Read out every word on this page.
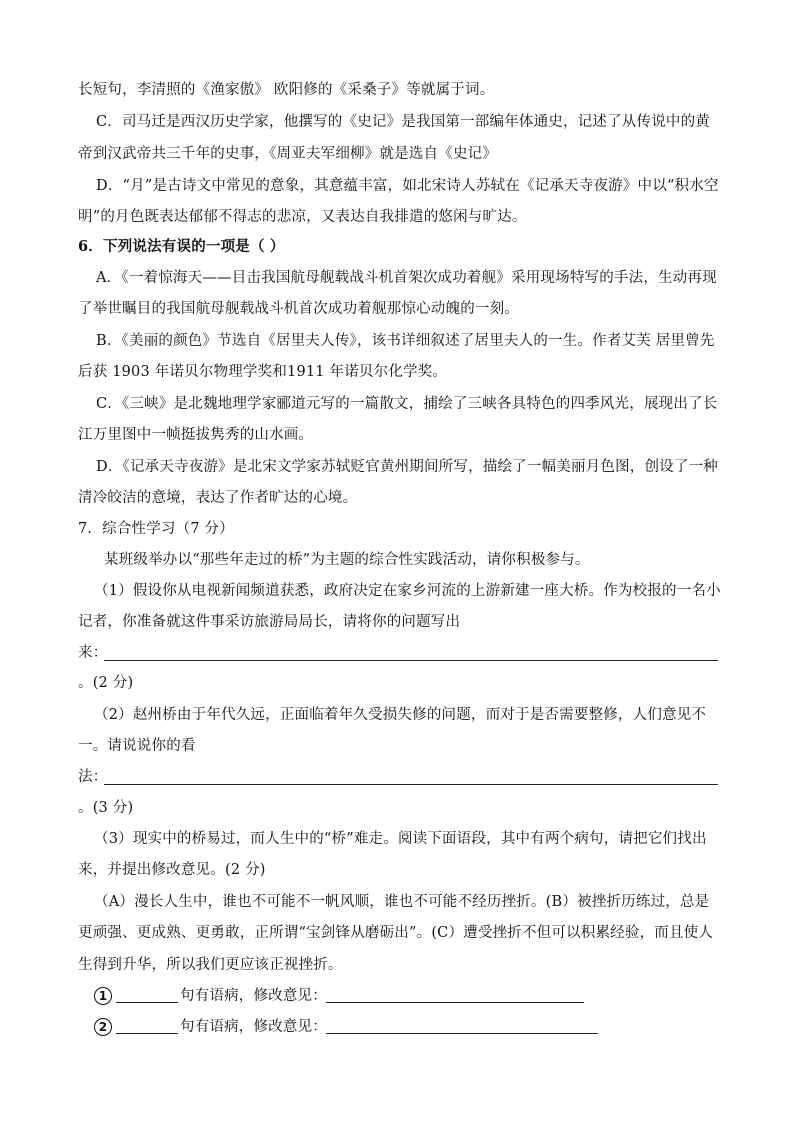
长短句，李清照的《渔家傲》 欧阳修的《采桑子》等就属于词。
C．司马迁是西汉历史学家，他撰写的《史记》是我国第一部编年体通史，记述了从传说中的黄
帝到汉武帝共三千年的史事，《周亚夫军细柳》就是选自《史记》
D．“月”是古诗文中常见的意象，其意蕴丰富，如北宋诗人苏轼在《记承天寺夜游》中以“积水空
明”的月色既表达郁郁不得志的悲凉，又表达自我排遣的悠闲与旷达。
6．下列说法有误的一项是（ ）
A．《一着惊海天——目击我国航母舰载战斗机首架次成功着舰》采用现场特写的手法，生动再现
了举世瞩目的我国航母舰载战斗机首次成功着舰那惊心动魄的一刻。
B．《美丽的颜色》节选自《居里夫人传》，该书详细叙述了居里夫人的一生。作者艾芙 居里曾先
后获 1903 年诺贝尔物理学奖和1911 年诺贝尔化学奖。
C．《三峡》是北魏地理学家郦道元写的一篇散文，捕绘了三峡各具特色的四季风光，展现出了长
江万里图中一帧挺拔隽秀的山水画。
D．《记承天寺夜游》是北宋文学家苏轼贬官黄州期间所写，描绘了一幅美丽月色图，创设了一种
清冷皎洁的意境，表达了作者旷达的心境。
7．综合性学习（7 分）
某班级举办以“那些年走过的桥”为主题的综合性实践活动，请你积极参与。
（1）假设你从电视新闻频道获悉，政府决定在家乡河流的上游新建一座大桥。作为校报的一名小
记者，你准备就这件事采访旅游局局长，请将你的问题写出
来：
。(2 分)
（2）赵州桥由于年代久远，正面临着年久受损失修的问题，而对于是否需要整修，人们意见不
一。请说说你的看
法：
。(3 分)
（3）现实中的桥易过，而人生中的“桥”难走。阅读下面语段，其中有两个病句，请把它们找出
来，并提出修改意见。(2 分)
（A）漫长人生中，谁也不可能不一帆风顺，谁也不可能不经历挫折。(B）被挫折历练过，总是
更顽强、更成熟、更勇敢，正所谓“宝剑锋从磨砺出”。(C）遭受挫折不但可以积累经验，而且使人
生得到升华，所以我们更应该正视挫折。
1	句有语病，修改意见：
2	句有语病，修改意见：
